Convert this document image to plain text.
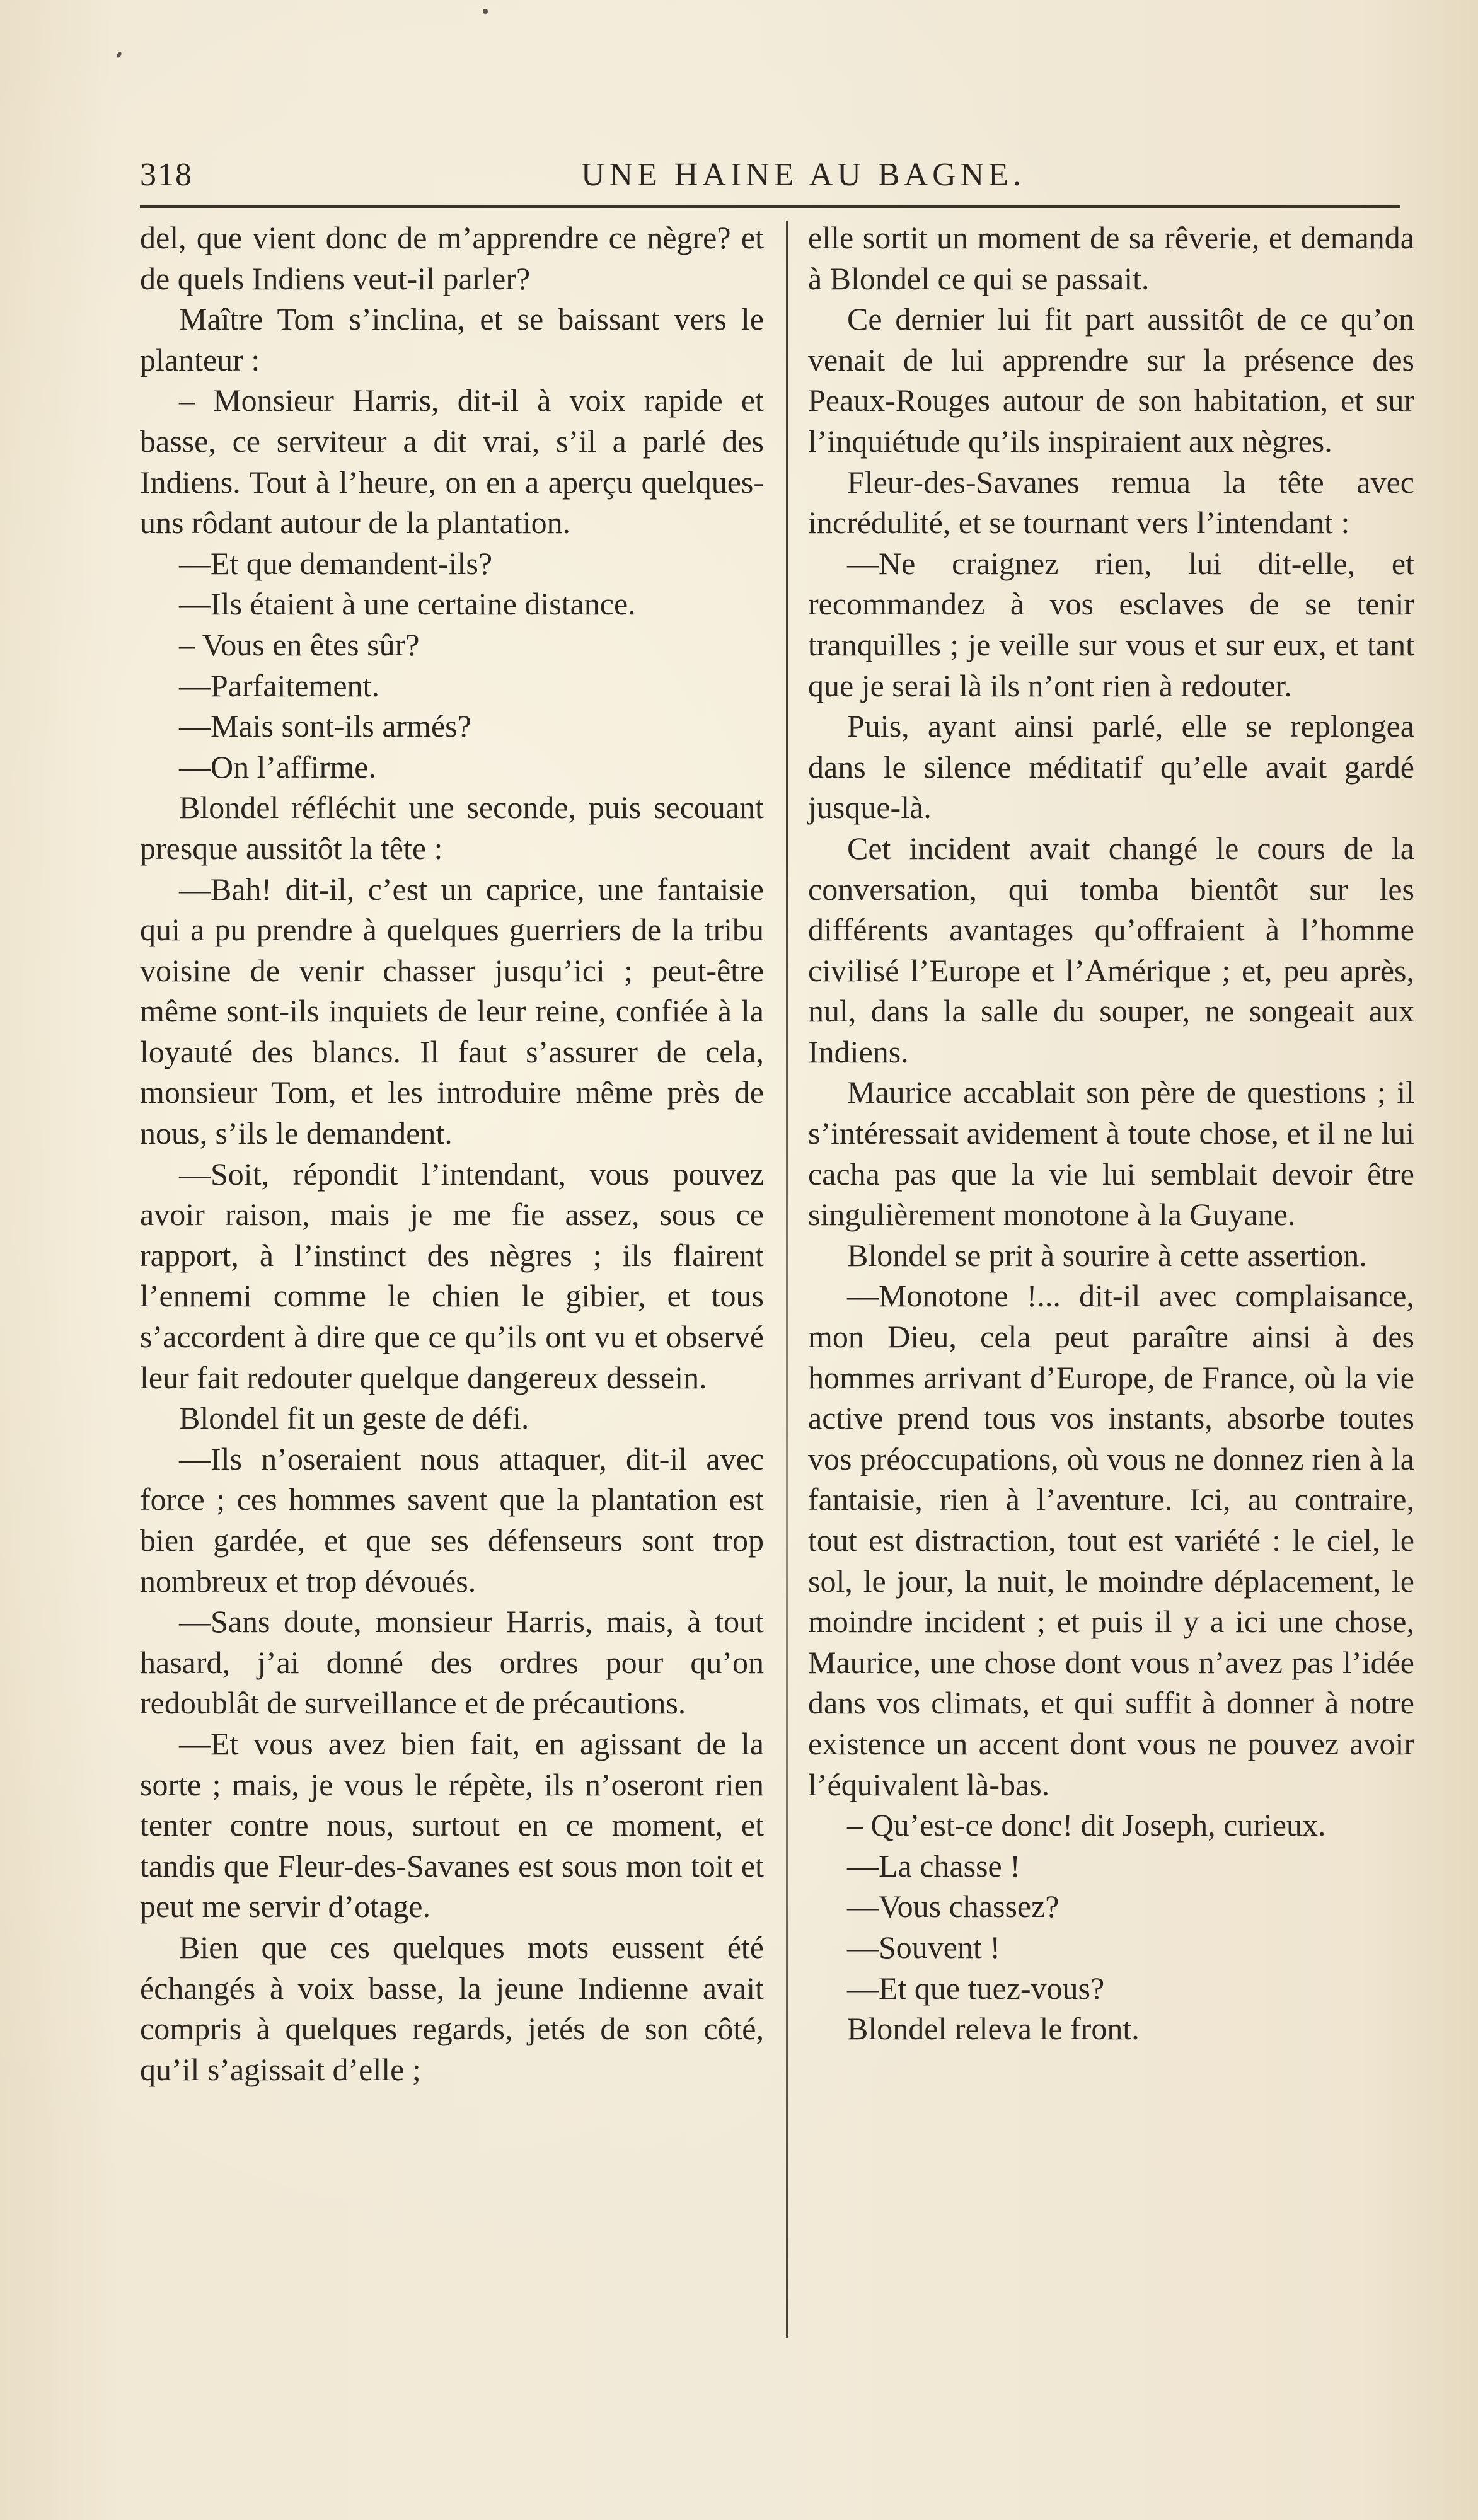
318	UNE HAINE AU BAGNE.

del, que vient donc de m’apprendre ce nègre? et de quels Indiens veut-il parler?

Maître Tom s’inclina, et se baissant vers le planteur :

– Monsieur Harris, dit-il à voix rapide et basse, ce serviteur a dit vrai, s’il a parlé des Indiens. Tout à l’heure, on en a aperçu quelques-uns rôdant autour de la plantation.

—Et que demandent-ils?

—Ils étaient à une certaine distance.

– Vous en êtes sûr?

—Parfaitement.

—Mais sont-ils armés?

—On l’affirme.

Blondel réfléchit une seconde, puis secouant presque aussitôt la tête :

—Bah! dit-il, c’est un caprice, une fantaisie qui a pu prendre à quelques guerriers de la tribu voisine de venir chasser jusqu’ici ; peut-être même sont-ils inquiets de leur reine, confiée à la loyauté des blancs. Il faut s’assurer de cela, monsieur Tom, et les introduire même près de nous, s’ils le demandent.

—Soit, répondit l’intendant, vous pouvez avoir raison, mais je me fie assez, sous ce rapport, à l’instinct des nègres ; ils flairent l’ennemi comme le chien le gibier, et tous s’accordent à dire que ce qu’ils ont vu et observé leur fait redouter quelque dangereux dessein.

Blondel fit un geste de défi.

—Ils n’oseraient nous attaquer, dit-il avec force ; ces hommes savent que la plantation est bien gardée, et que ses défenseurs sont trop nombreux et trop dévoués.

—Sans doute, monsieur Harris, mais, à tout hasard, j’ai donné des ordres pour qu’on redoublât de surveillance et de précautions.

—Et vous avez bien fait, en agissant de la sorte ; mais, je vous le répète, ils n’oseront rien tenter contre nous, surtout en ce moment, et tandis que Fleur-des-Savanes est sous mon toit et peut me servir d’otage.

Bien que ces quelques mots eussent été échangés à voix basse, la jeune Indienne avait compris à quelques regards, jetés de son côté, qu’il s’agissait d’elle ;

elle sortit un moment de sa rêverie, et demanda à Blondel ce qui se passait.

Ce dernier lui fit part aussitôt de ce qu’on venait de lui apprendre sur la présence des Peaux-Rouges autour de son habitation, et sur l’inquiétude qu’ils inspiraient aux nègres.

Fleur-des-Savanes remua la tête avec incrédulité, et se tournant vers l’intendant :

—Ne craignez rien, lui dit-elle, et recommandez à vos esclaves de se tenir tranquilles ; je veille sur vous et sur eux, et tant que je serai là ils n’ont rien à redouter.

Puis, ayant ainsi parlé, elle se replongea dans le silence méditatif qu’elle avait gardé jusque-là.

Cet incident avait changé le cours de la conversation, qui tomba bientôt sur les différents avantages qu’offraient à l’homme civilisé l’Europe et l’Amérique ; et, peu après, nul, dans la salle du souper, ne songeait aux Indiens.

Maurice accablait son père de questions ; il s’intéressait avidement à toute chose, et il ne lui cacha pas que la vie lui semblait devoir être singulièrement monotone à la Guyane.

Blondel se prit à sourire à cette assertion.

—Monotone !... dit-il avec complaisance, mon Dieu, cela peut paraître ainsi à des hommes arrivant d’Europe, de France, où la vie active prend tous vos instants, absorbe toutes vos préoccupations, où vous ne donnez rien à la fantaisie, rien à l’aventure. Ici, au contraire, tout est distraction, tout est variété : le ciel, le sol, le jour, la nuit, le moindre déplacement, le moindre incident ; et puis il y a ici une chose, Maurice, une chose dont vous n’avez pas l’idée dans vos climats, et qui suffit à donner à notre existence un accent dont vous ne pouvez avoir l’équivalent là-bas.

– Qu’est-ce donc! dit Joseph, curieux.

—La chasse !

—Vous chassez?

—Souvent !

—Et que tuez-vous?

Blondel releva le front.
